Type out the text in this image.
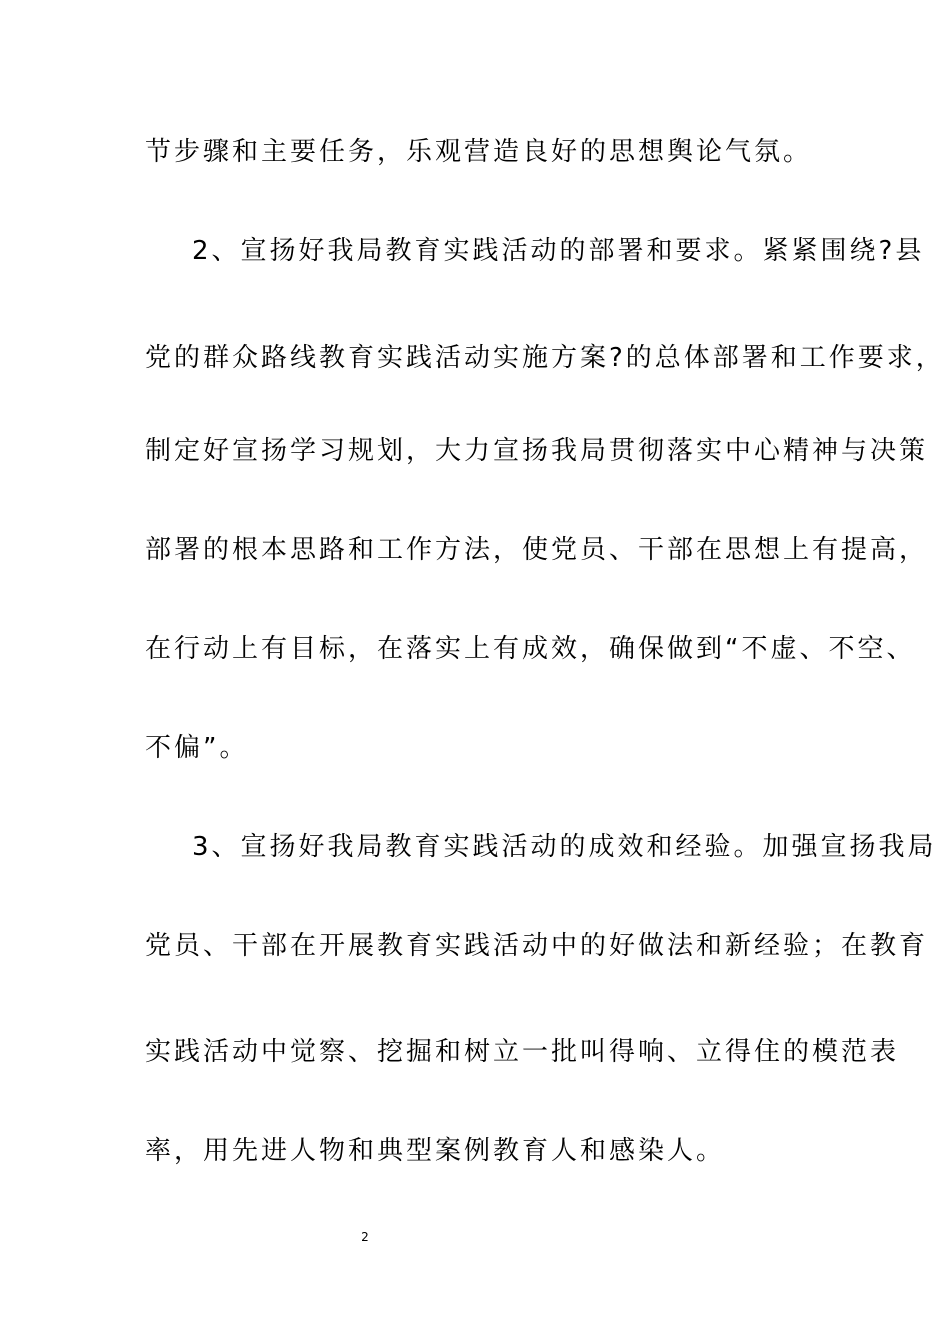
节步骤和主要任务，乐观营造良好的思想舆论气氛。
2、宣扬好我局教育实践活动的部署和要求。紧紧围绕?县
党的群众路线教育实践活动实施方案?的总体部署和工作要求，
制定好宣扬学习规划，大力宣扬我局贯彻落实中心精神与决策
部署的根本思路和工作方法，使党员、干部在思想上有提高，
在行动上有目标，在落实上有成效，确保做到“不虚、不空、
不偏”。
3、宣扬好我局教育实践活动的成效和经验。加强宣扬我局
党员、干部在开展教育实践活动中的好做法和新经验；在教育
实践活动中觉察、挖掘和树立一批叫得响、立得住的模范表
率，用先进人物和典型案例教育人和感染人。
2
